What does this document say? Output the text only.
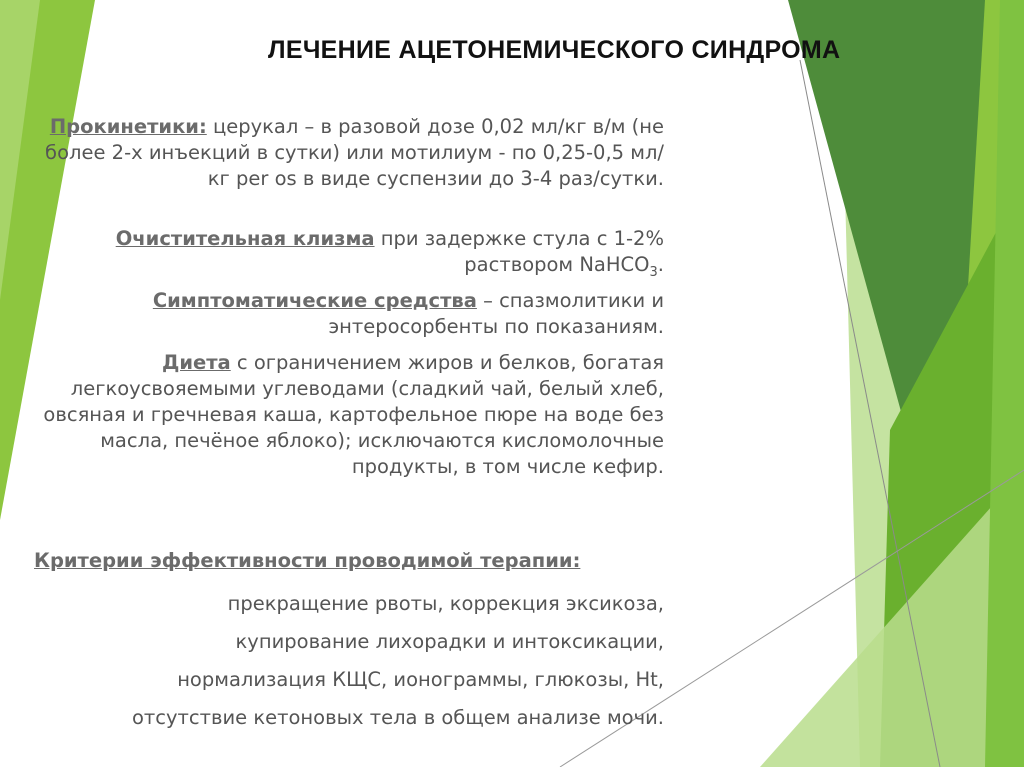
ЛЕЧЕНИЕ АЦЕТОНЕМИЧЕСКОГО СИНДРОМА
Прокинетики: церукал – в разовой дозе 0,02 мл/кг в/м (не более 2-х инъекций в сутки) или мотилиум - по 0,25-0,5 мл/кг per os в виде суспензии до 3-4 раз/сутки.
Очистительная клизма при задержке стула с 1-2% раствором NaHCO$_3$.
Симптоматические средства – спазмолитики и энтеросорбенты по показаниям.
Диета с ограничением жиров и белков, богатая легкоусвояемыми углеводами (сладкий чай, белый хлеб, овсяная и гречневая каша, картофельное пюре на воде без масла, печёное яблоко); исключаются кисломолочные продукты, в том числе кефир.
Критерии эффективности проводимой терапии:
прекращение рвоты, коррекция эксикоза,
купирование лихорадки и интоксикации,
нормализация КЩС, ионограммы, глюкозы, Ht,
отсутствие кетоновых тела в общем анализе мочи.
